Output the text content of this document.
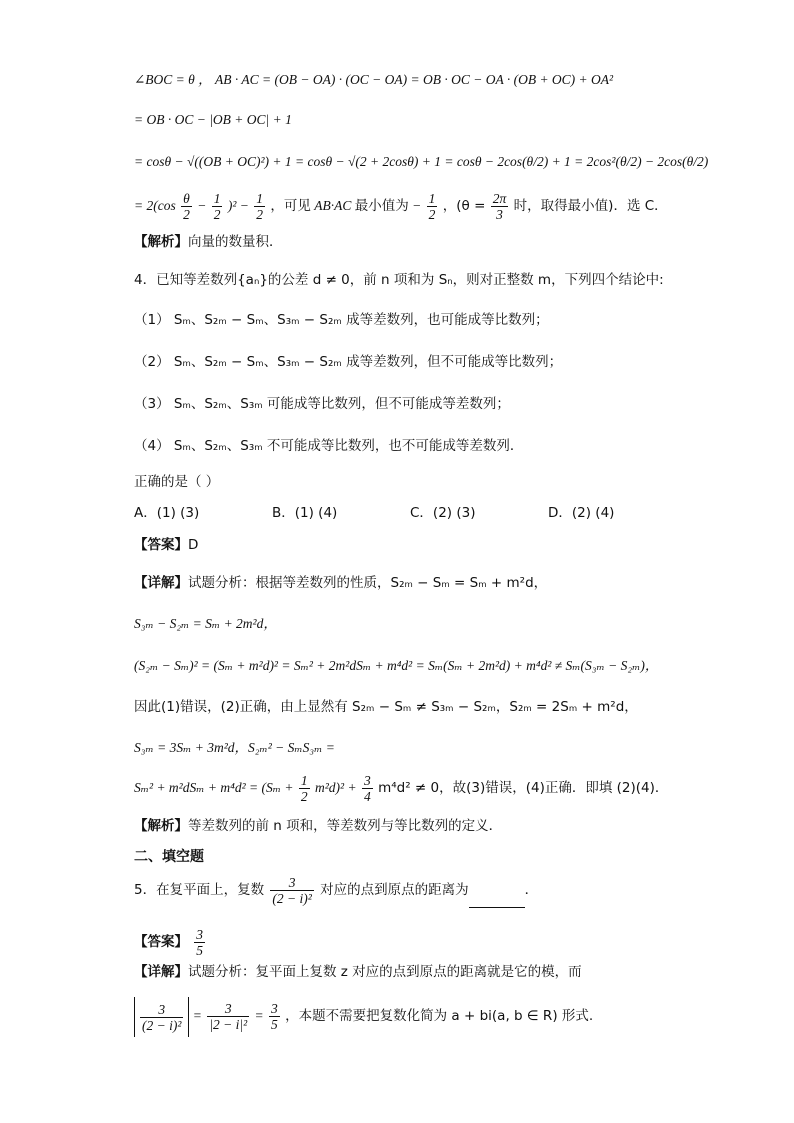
∠BOC = θ ， AB · AC = (OB − OA) · (OC − OA) = OB · OC − OA · (OB + OC) + OA²
= OB · OC − |OB + OC| + 1
= cosθ − √((OB + OC)²) + 1 = cosθ − √(2 + 2cosθ) + 1 = cosθ − 2cos(θ/2) + 1 = 2cos²(θ/2) − 2cos(θ/2)
= $2(\cos \frac{\theta}{2} - \frac{1}{2} )^2 - \frac{1}{2}$ ，可见 AB·AC 最小值为 − $\frac{1}{2}$ ，($\theta = \frac{2\pi}{3}$ 时，取得最小值)．选 C．
【解析】向量的数量积．
4．已知等差数列{aₙ}的公差 d ≠ 0，前 n 项和为 Sₙ，则对正整数 m，下列四个结论中:
（1） Sₘ、S₂ₘ − Sₘ、S₃ₘ − S₂ₘ 成等差数列，也可能成等比数列；
（2） Sₘ、S₂ₘ − Sₘ、S₃ₘ − S₂ₘ 成等差数列，但不可能成等比数列；
（3） Sₘ、S₂ₘ、S₃ₘ 可能成等比数列，但不可能成等差数列；
（4） Sₘ、S₂ₘ、S₃ₘ 不可能成等比数列，也不可能成等差数列．
正确的是（ ）
A．(1) (3)	B．(1) (4)	C．(2) (3)	D．(2) (4)
【答案】D
【详解】试题分析：根据等差数列的性质，S₂ₘ − Sₘ = Sₘ + m²d，
S₃ₘ − S₂ₘ = Sₘ + 2m²d，
(S₂ₘ − Sₘ)² = (Sₘ + m²d)² = Sₘ² + 2m²dSₘ + m⁴d² = Sₘ(Sₘ + 2m²d) + m⁴d² ≠ Sₘ(S₃ₘ − S₂ₘ)，
因此(1)错误，(2)正确，由上显然有 S₂ₘ − Sₘ ≠ S₃ₘ − S₂ₘ，S₂ₘ = 2Sₘ + m²d，
S₃ₘ = 3Sₘ + 3m²d，S₂ₘ² − SₘS₃ₘ =
$S_m^2 + m^2dS_m + m^4d^2 = (S_m + \frac{1}{2} m^2d)^2 + \frac{3}{4} m^4d^2 \ne 0$，故(3)错误，(4)正确．即填 (2)(4)．
【解析】等差数列的前 n 项和，等差数列与等比数列的定义．
二、填空题
5．在复平面上，复数 $\frac{3}{\text{(2 − i)²}}$ 对应的点到原点的距离为	．
【答案】 $\frac{3}{5}$
【详解】试题分析：复平面上复数 z 对应的点到原点的距离就是它的模，而
$\frac{3}{\text{(2 − i)²}} = \frac{3}{\text{|2 − i|²}} = \frac{3}{5}$ ，本题不需要把复数化简为 a + bi(a, b ∈ R) 形式.
